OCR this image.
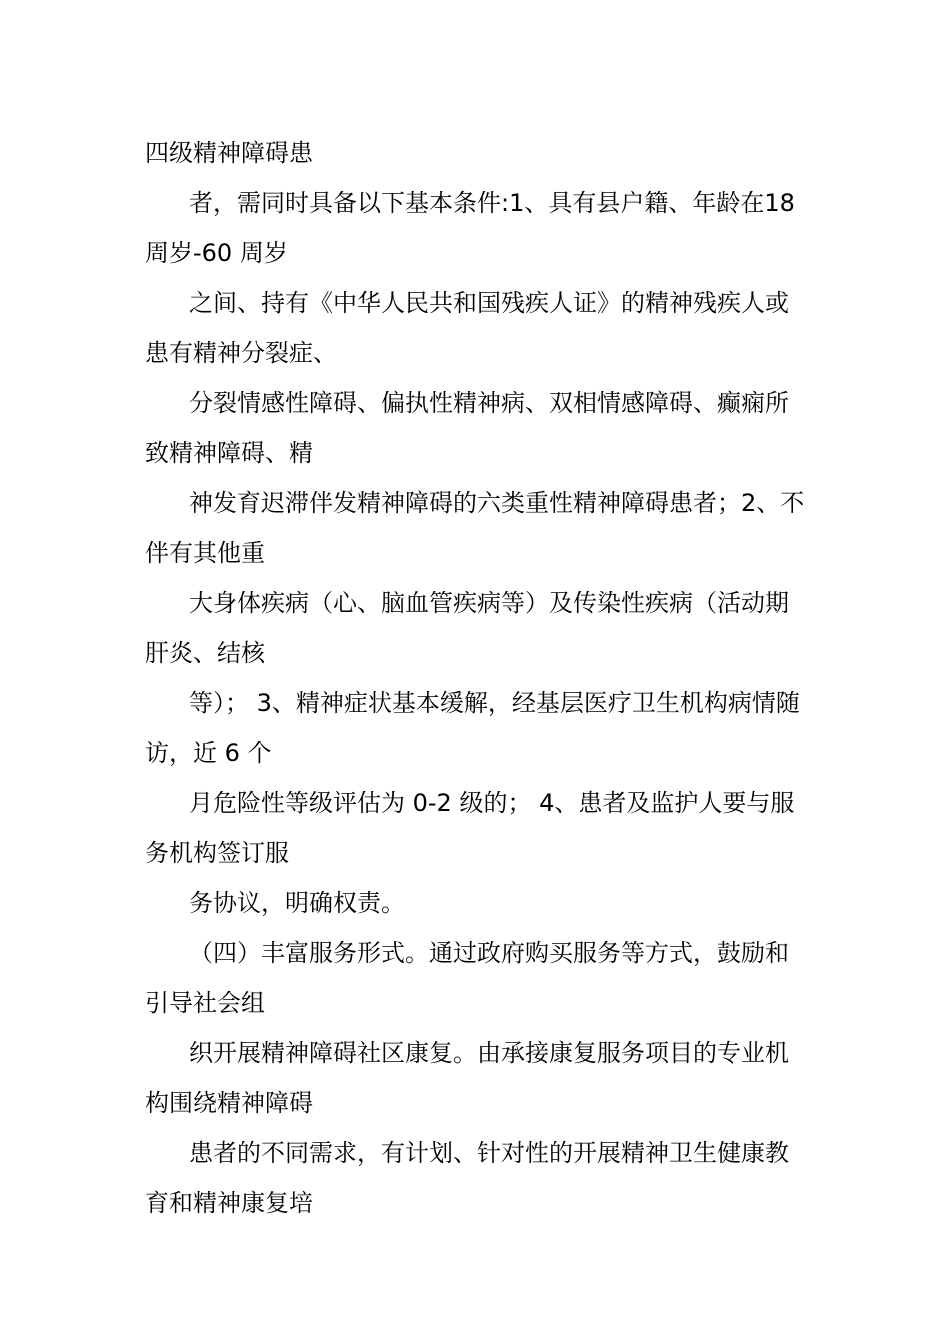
四级精神障碍患

者，需同时具备以下基本条件:1、具有县户籍、年龄在18 周岁-60 周岁

之间、持有《中华人民共和国残疾人证》的精神残疾人或患有精神分裂症、

分裂情感性障碍、偏执性精神病、双相情感障碍、癫痫所致精神障碍、精

神发育迟滞伴发精神障碍的六类重性精神障碍患者；2、不伴有其他重

大身体疾病（心、脑血管疾病等）及传染性疾病（活动期肝炎、结核

等）； 3、精神症状基本缓解，经基层医疗卫生机构病情随访，近 6 个

月危险性等级评估为 0-2 级的； 4、患者及监护人要与服务机构签订服

务协议，明确权责。

（四）丰富服务形式。通过政府购买服务等方式，鼓励和引导社会组

织开展精神障碍社区康复。由承接康复服务项目的专业机构围绕精神障碍

患者的不同需求，有计划、针对性的开展精神卫生健康教育和精神康复培
